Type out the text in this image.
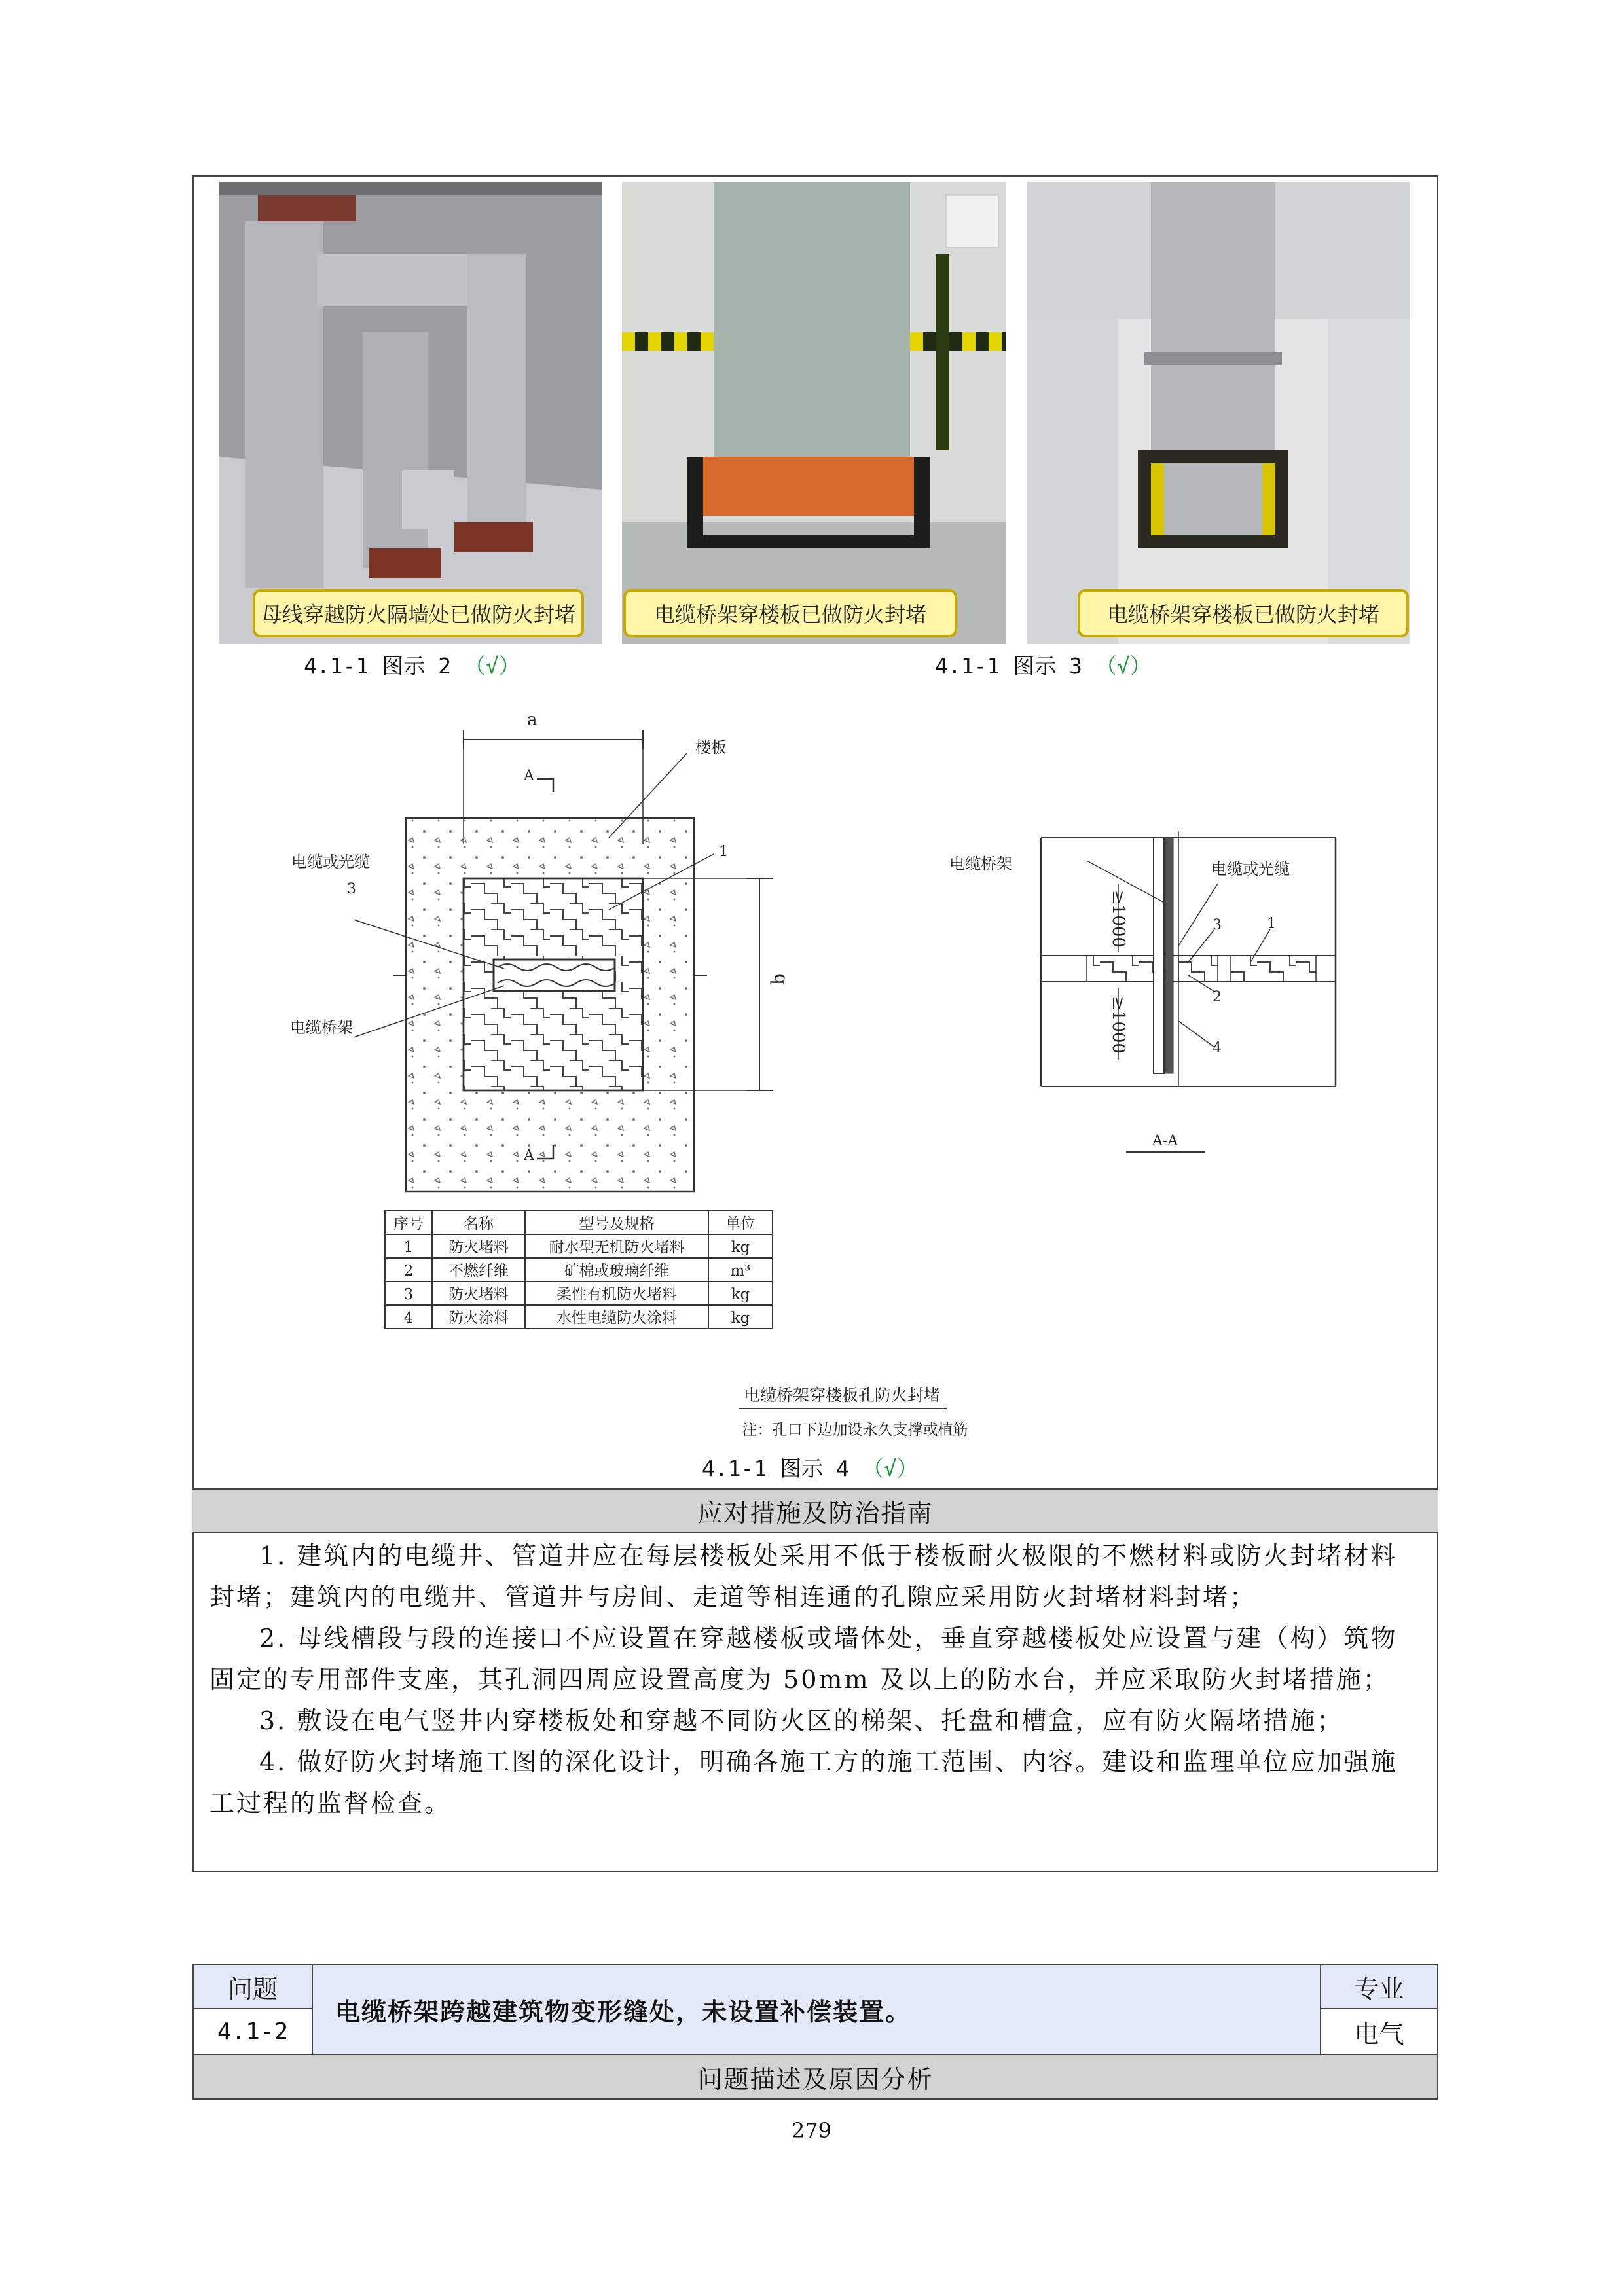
母线穿越防火隔墙处已做防火封堵	电缆桥架穿楼板已做防火封堵	电缆桥架穿楼板已做防火封堵
4.1-1 图示 2 （√）	4.1-1 图示 3 （√）
a
b
A
A
楼板
1
电缆或光缆
3
电缆桥架
电缆桥架	电缆或光缆
≥1000
≥1000
3	1
2
4
A-A
序号	名称	型号及规格	单位
1 防火堵料	耐水型无机防火堵料	kg
2 不燃纤维	矿棉或玻璃纤维	m³
3 防火堵料	柔性有机防火堵料	kg
4 防火涂料	水性电缆防火涂料	kg
电缆桥架穿楼板孔防火封堵
注：孔口下边加设永久支撑或植筋
4.1-1 图示 4 （√）
应对措施及防治指南

1. 建筑内的电缆井、管道井应在每层楼板处采用不低于楼板耐火极限的不燃材料或防火封堵材料封堵；建筑内的电缆井、管道井与房间、走道等相连通的孔隙应采用防火封堵材料封堵；

2. 母线槽段与段的连接口不应设置在穿越楼板或墙体处，垂直穿越楼板处应设置与建（构）筑物固定的专用部件支座，其孔洞四周应设置高度为 50mm 及以上的防水台，并应采取防火封堵措施；

3. 敷设在电气竖井内穿楼板处和穿越不同防火区的梯架、托盘和槽盒，应有防火隔堵措施；

4. 做好防火封堵施工图的深化设计，明确各施工方的施工范围、内容。建设和监理单位应加强施工过程的监督检查。

问题
4.1-2
电缆桥架跨越建筑物变形缝处，未设置补偿装置。
专业
电气
问题描述及原因分析
279
